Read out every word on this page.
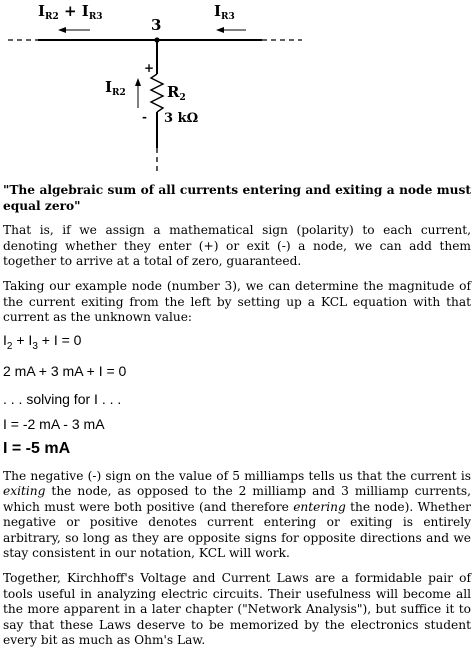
$I_{R2} + I_{R3}$	$I_{R3}$
3
$I_{R2}$
+
-
$R_2$
3 kΩ

"The algebraic sum of all currents entering and exiting a node must equal zero"

That is, if we assign a mathematical sign (polarity) to each current, denoting whether they enter (+) or exit (-) a node, we can add them together to arrive at a total of zero, guaranteed.

Taking our example node (number 3), we can determine the magnitude of the current exiting from the left by setting up a KCL equation with that current as the unknown value:

$I_2 + I_3 + I = 0$

2 mA + 3 mA + I = 0

. . . solving for I . . .

I = -2 mA - 3 mA

I = -5 mA

The negative (-) sign on the value of 5 milliamps tells us that the current is exiting the node, as opposed to the 2 milliamp and 3 milliamp currents, which must were both positive (and therefore entering the node). Whether negative or positive denotes current entering or exiting is entirely arbitrary, so long as they are opposite signs for opposite directions and we stay consistent in our notation, KCL will work.

Together, Kirchhoff's Voltage and Current Laws are a formidable pair of tools useful in analyzing electric circuits. Their usefulness will become all the more apparent in a later chapter ("Network Analysis"), but suffice it to say that these Laws deserve to be memorized by the electronics student every bit as much as Ohm's Law.
